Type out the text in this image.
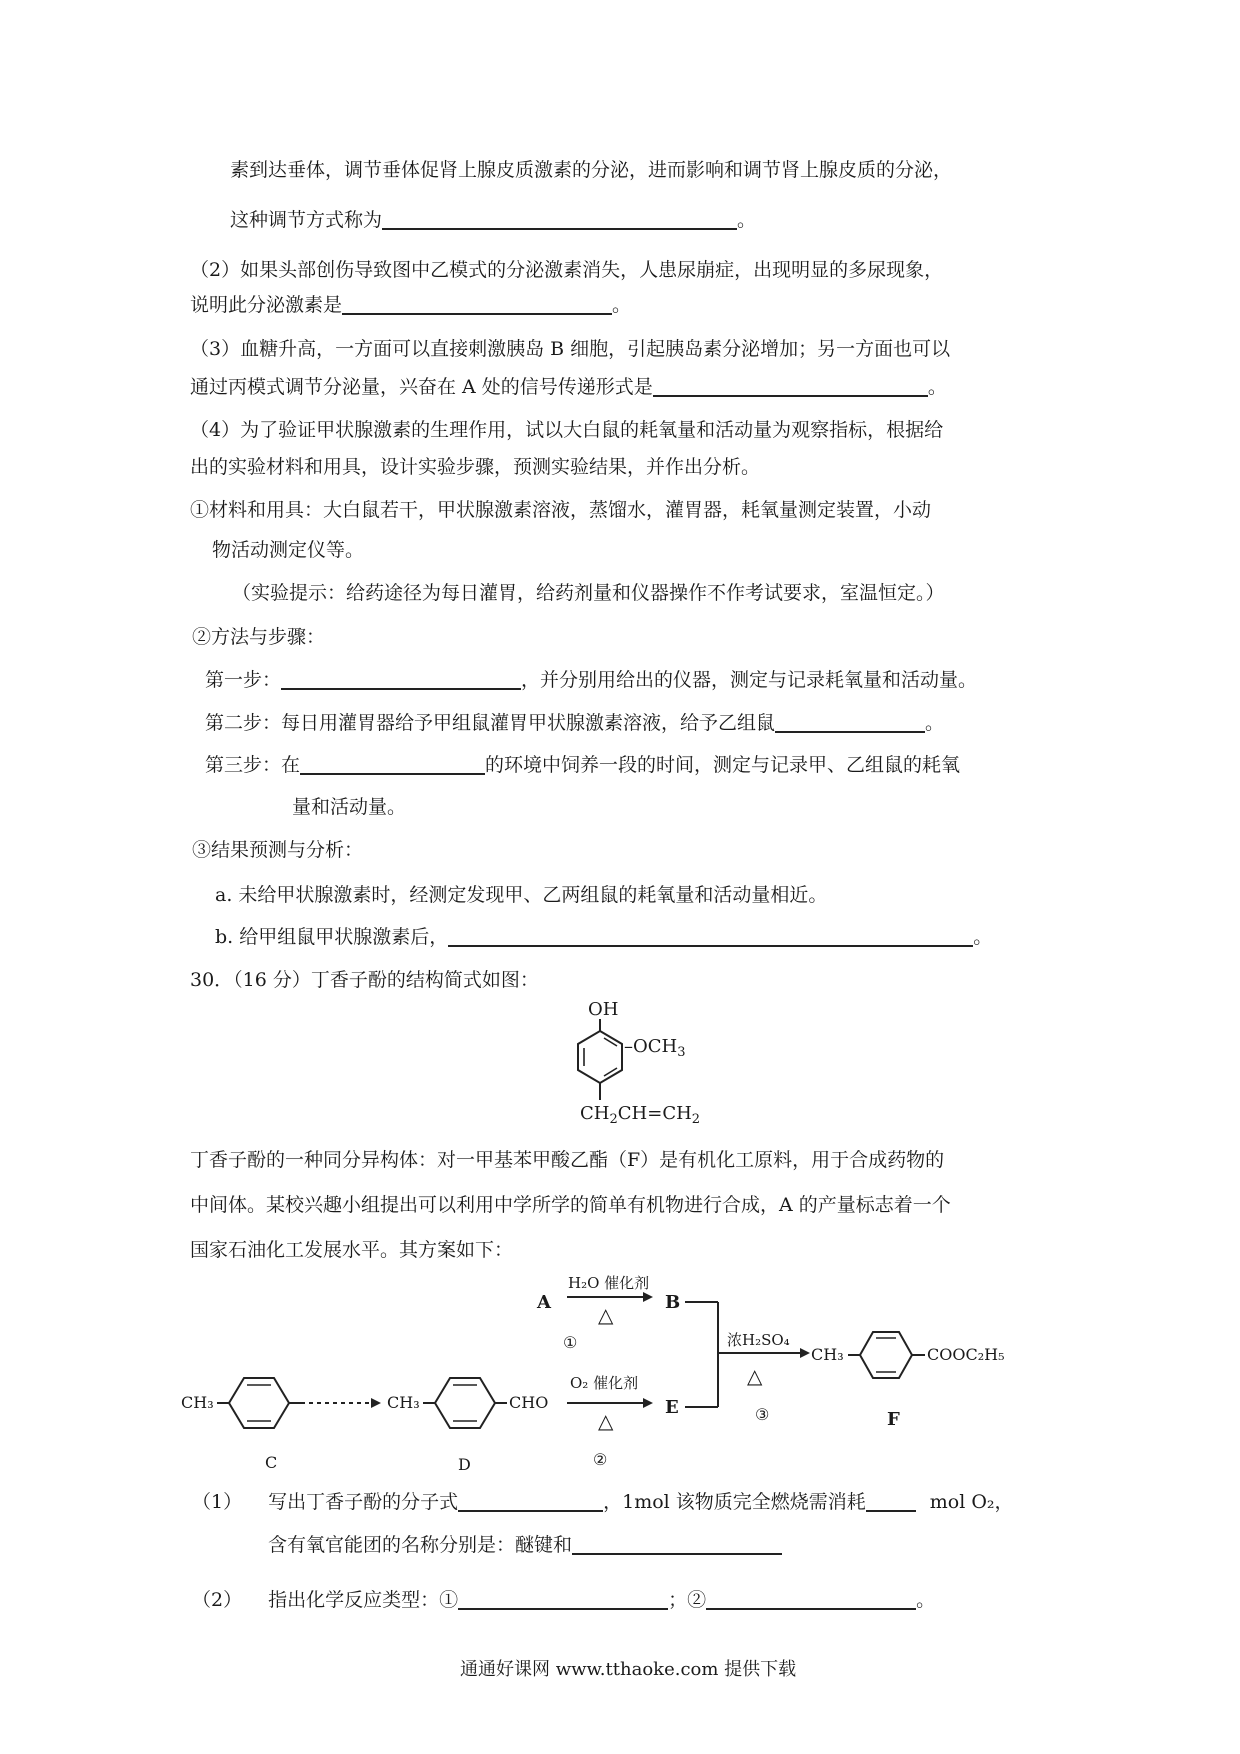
素到达垂体，调节垂体促肾上腺皮质激素的分泌，进而影响和调节肾上腺皮质的分泌，
这种调节方式称为	。
（2）如果头部创伤导致图中乙模式的分泌激素消失，人患尿崩症，出现明显的多尿现象，
说明此分泌激素是	。
（3）血糖升高，一方面可以直接刺激胰岛 B 细胞，引起胰岛素分泌增加；另一方面也可以
通过丙模式调节分泌量，兴奋在 A 处的信号传递形式是	。
（4）为了验证甲状腺激素的生理作用，试以大白鼠的耗氧量和活动量为观察指标，根据给
出的实验材料和用具，设计实验步骤，预测实验结果，并作出分析。
①材料和用具：大白鼠若干，甲状腺激素溶液，蒸馏水，灌胃器，耗氧量测定装置，小动
物活动测定仪等。
（实验提示：给药途径为每日灌胃，给药剂量和仪器操作不作考试要求，室温恒定。）
②方法与步骤：
第一步：	，并分别用给出的仪器，测定与记录耗氧量和活动量。
第二步：每日用灌胃器给予甲组鼠灌胃甲状腺激素溶液，给予乙组鼠	。
第三步：在	的环境中饲养一段的时间，测定与记录甲、乙组鼠的耗氧
量和活动量。
③结果预测与分析：
a. 未给甲状腺激素时，经测定发现甲、乙两组鼠的耗氧量和活动量相近。
b. 给甲组鼠甲状腺激素后，	。
30．（16 分）丁香子酚的结构简式如图：
OH
$-OCH_3$
$CH_2CH=CH_2$
丁香子酚的一种同分异构体：对一甲基苯甲酸乙酯（F）是有机化工原料，用于合成药物的
中间体。某校兴趣小组提出可以利用中学所学的简单有机物进行合成，A 的产量标志着一个
国家石油化工发展水平。其方案如下：
A
H₂O 催化剂
△
①
B
浓H₂SO₄
△
③
CH₃	COOC₂H₅
F
CH₃
C
CH₃	CHO
D
O₂ 催化剂
△
②
E
（1） 写出丁香子酚的分子式	，1mol 该物质完全燃烧需消耗	mol O₂，
含有氧官能团的名称分别是：醚键和
（2） 指出化学反应类型：①	；②	。
通通好课网 www.tthaoke.com 提供下载
